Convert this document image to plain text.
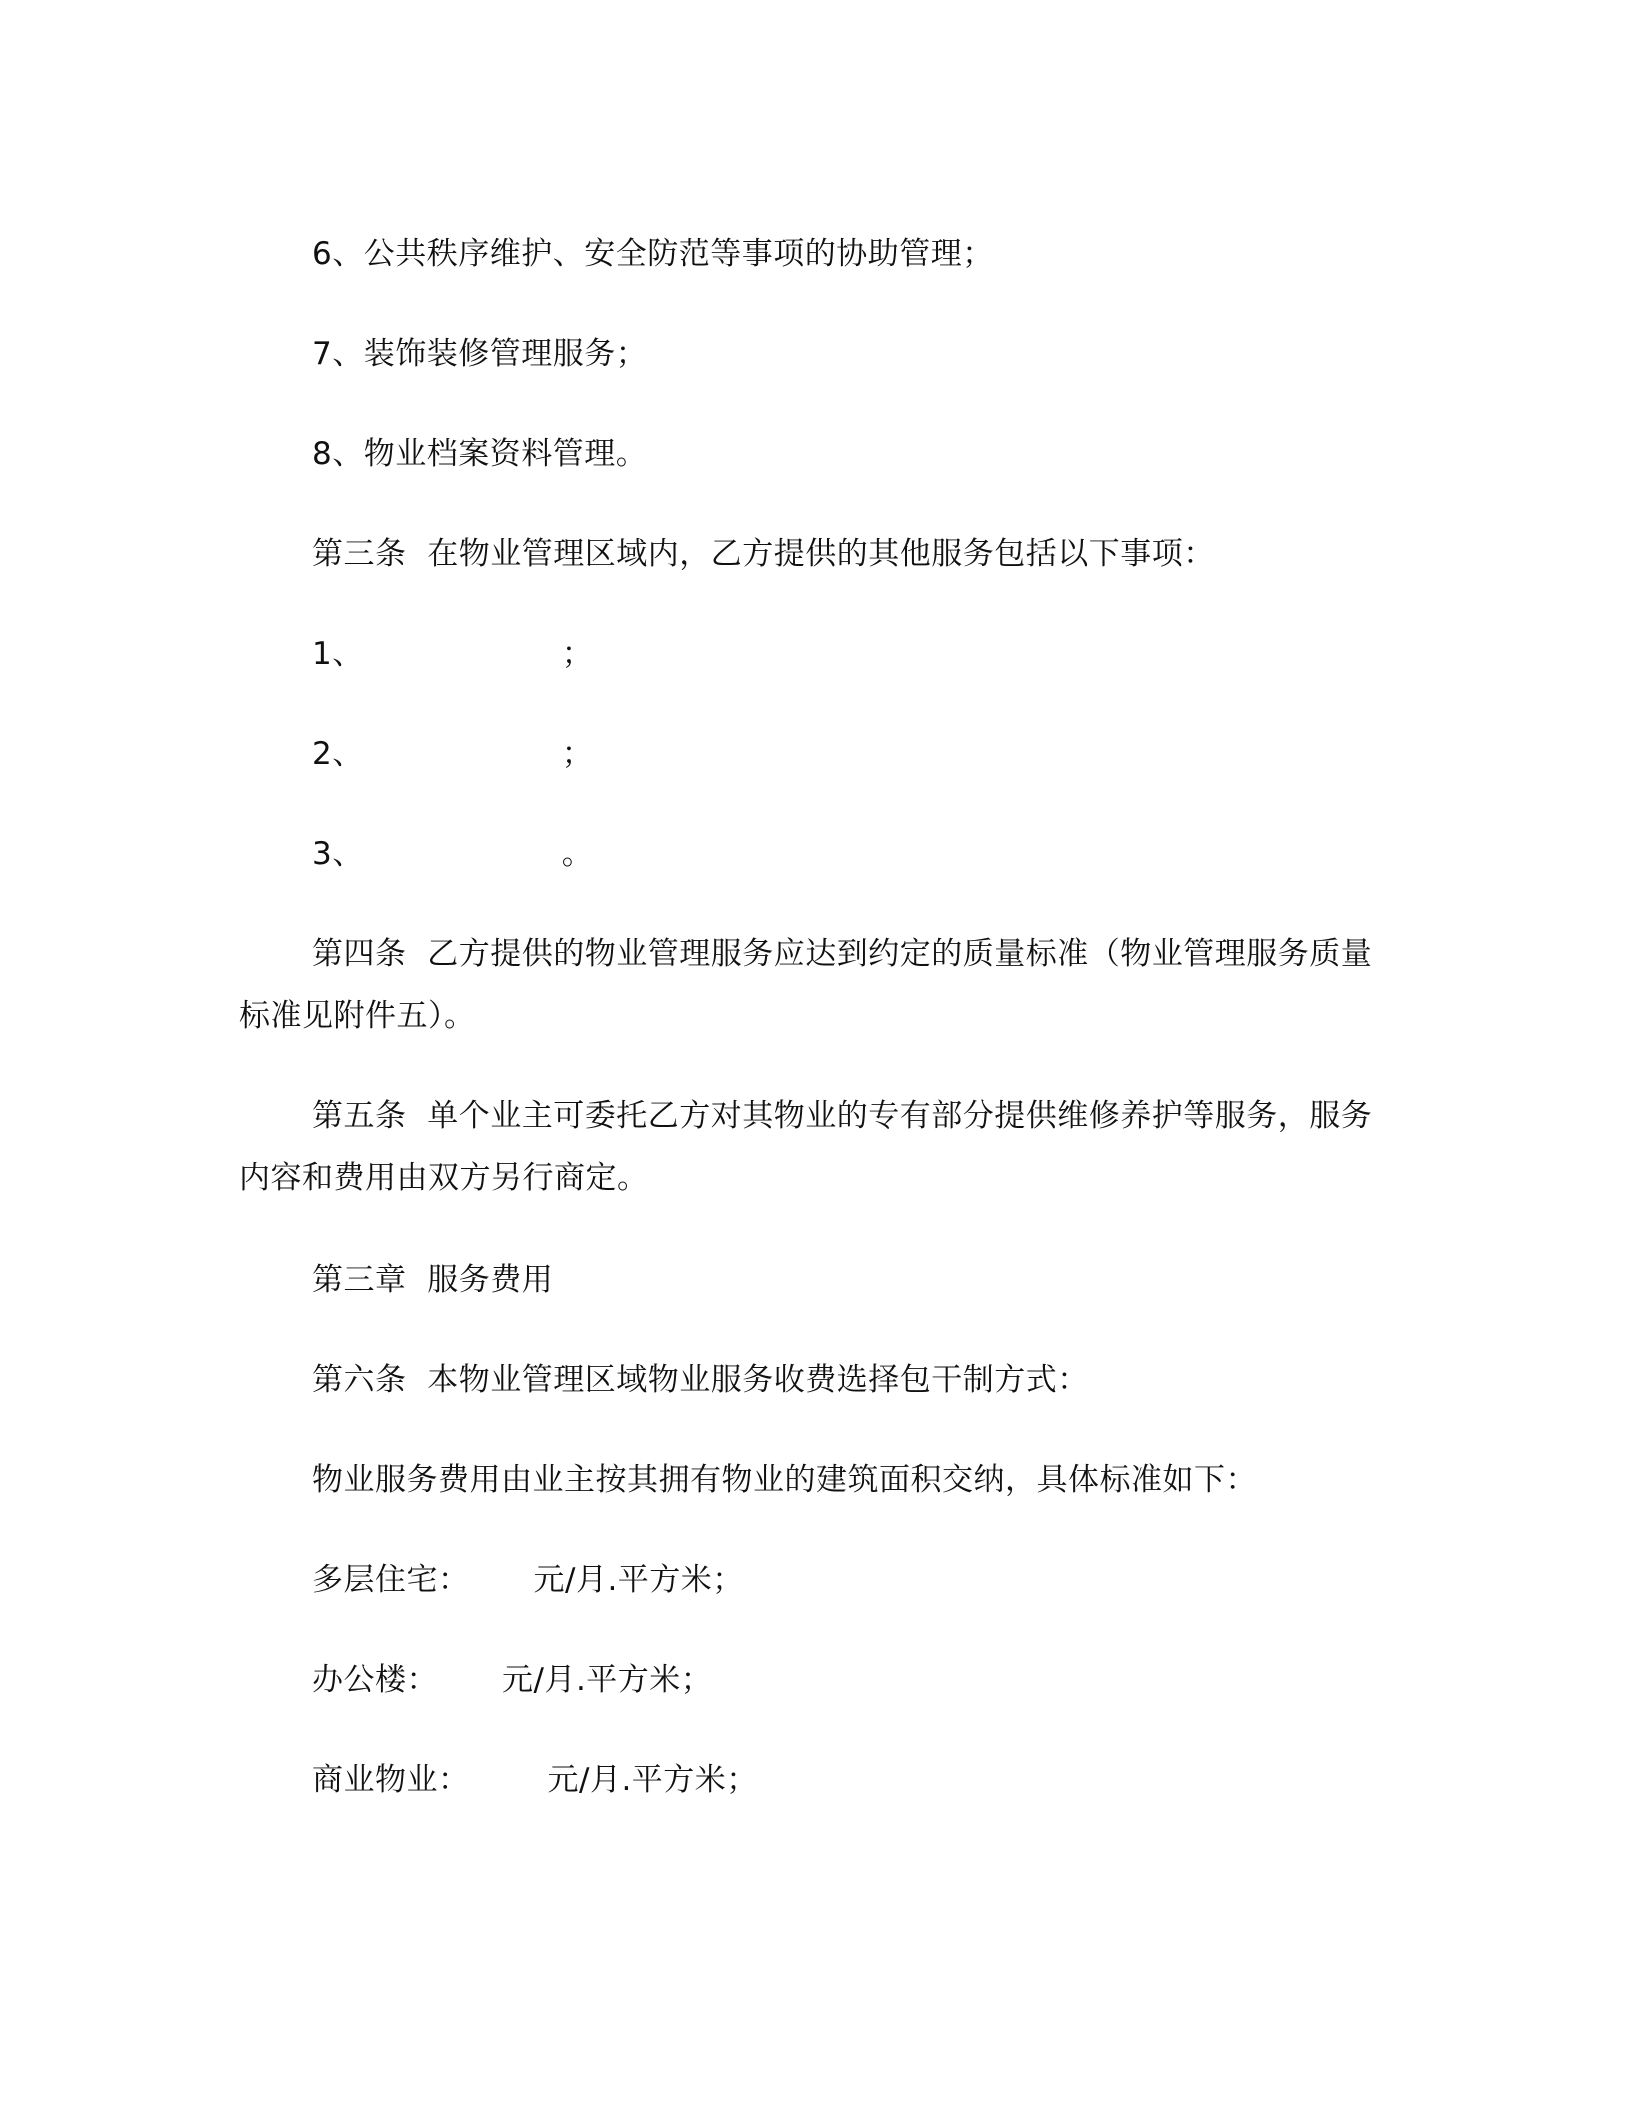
6、公共秩序维护、安全防范等事项的协助管理；
7、装饰装修管理服务；
8、物业档案资料管理。
第三条  在物业管理区域内，乙方提供的其他服务包括以下事项：
1、	；
2、	；
3、	。
第四条  乙方提供的物业管理服务应达到约定的质量标准（物业管理服务质量
标准见附件五）。
第五条  单个业主可委托乙方对其物业的专有部分提供维修养护等服务，服务
内容和费用由双方另行商定。
第三章  服务费用
第六条  本物业管理区域物业服务收费选择包干制方式：
物业服务费用由业主按其拥有物业的建筑面积交纳，具体标准如下：
多层住宅： 元/月.平方米；
办公楼： 元/月.平方米；
商业物业：	元/月.平方米；
